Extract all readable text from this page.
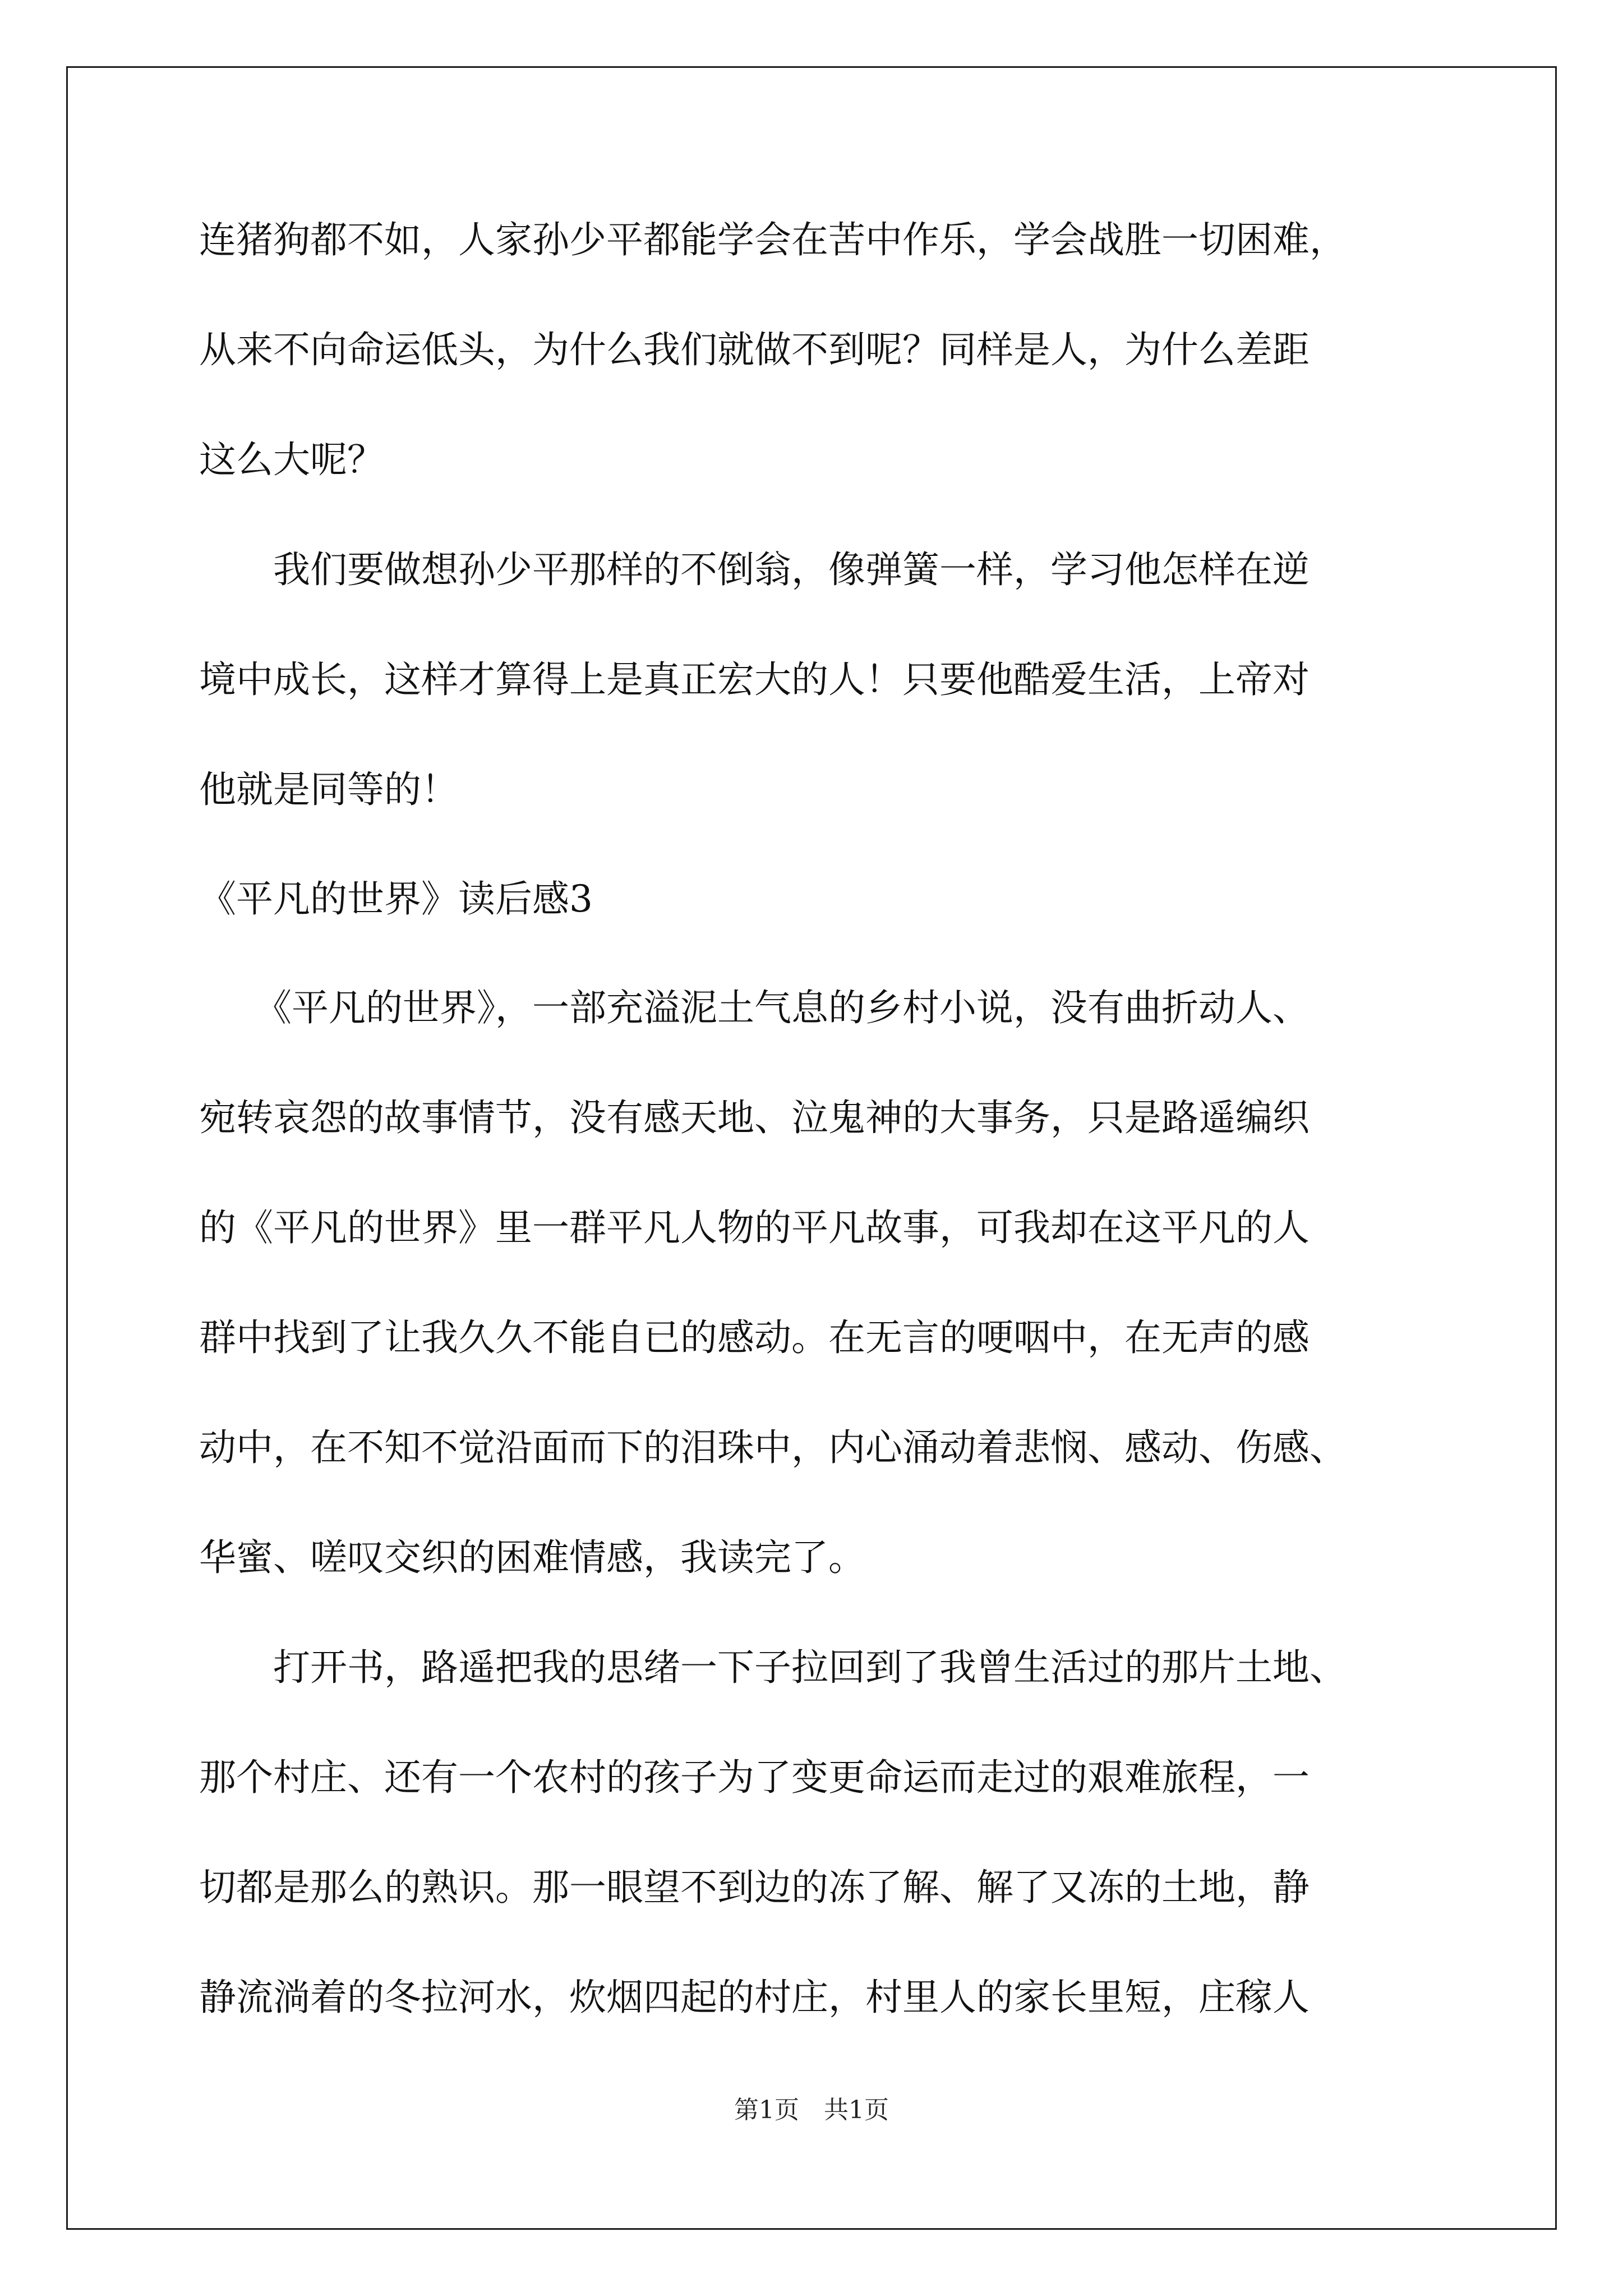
连猪狗都不如，人家孙少平都能学会在苦中作乐，学会战胜一切困难，
从来不向命运低头，为什么我们就做不到呢？同样是人，为什么差距
这么大呢？
　　我们要做想孙少平那样的不倒翁，像弹簧一样，学习他怎样在逆
境中成长，这样才算得上是真正宏大的人！只要他酷爱生活，上帝对
他就是同等的！
《平凡的世界》读后感3
　　《平凡的世界》，一部充溢泥土气息的乡村小说，没有曲折动人、
宛转哀怨的故事情节，没有感天地、泣鬼神的大事务，只是路遥编织
的《平凡的世界》里一群平凡人物的平凡故事，可我却在这平凡的人
群中找到了让我久久不能自已的感动。在无言的哽咽中，在无声的感
动中，在不知不觉沿面而下的泪珠中，内心涌动着悲悯、感动、伤感、
华蜜、嗟叹交织的困难情感，我读完了。
　　打开书，路遥把我的思绪一下子拉回到了我曾生活过的那片土地、
那个村庄、还有一个农村的孩子为了变更命运而走过的艰难旅程，一
切都是那么的熟识。那一眼望不到边的冻了解、解了又冻的土地，静
静流淌着的冬拉河水，炊烟四起的村庄，村里人的家长里短，庄稼人
第1页　共1页
